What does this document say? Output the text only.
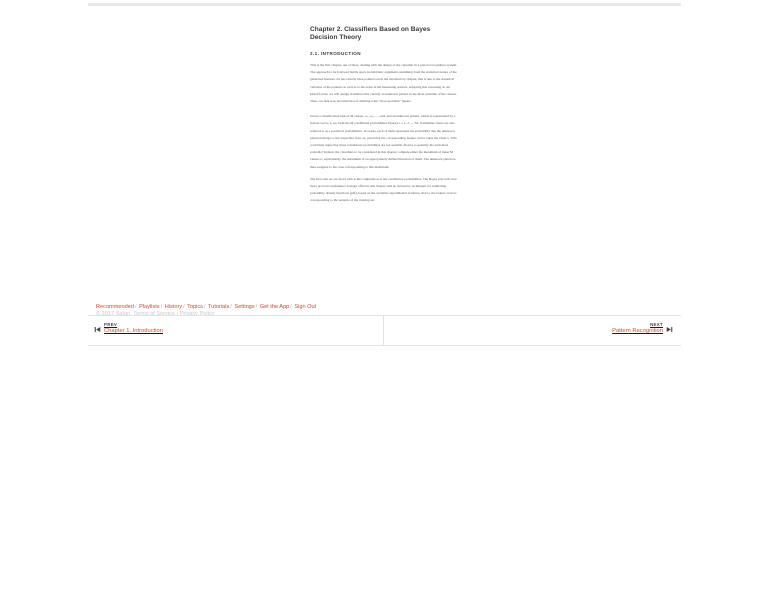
Chapter 2. Classifiers Based on Bayes Decision Theory
2.1. INTRODUCTION

This is the first chapter, out of three, dealing with the design of the classifier in a pattern recognition system. The approach to be followed builds upon probabilistic arguments stemming from the statistical nature of the generated features. As has already been pointed out in the introductory chapter, this is due to the statistical variation of the patterns as well as to the noise in the measuring sensors. Adopting this reasoning as our kickoff point, we will design classifiers that classify an unknown pattern in the most probable of the classes. Thus, our task now becomes that of defining what “most probable” means.

· ·

Given a classification task of M classes, ω₁, ω₂, ..., ωM, and an unknown pattern, which is represented by a feature vector x, we form the M conditional probabilities P(ωi|x), i = 1, 2, ..., M. Sometimes, these are also referred to as a posteriori probabilities. In words, each of them represents the probability that the unknown pattern belongs to the respective class ωi, given that the corresponding feature vector takes the value x. Who could then argue that these conditional probabilities are not sensible choices to quantify the term most probable? Indeed, the classifiers to be considered in this chapter compute either the maximum of these M values or, equivalently, the maximum of an appropriately defined function of them. The unknown pattern is then assigned to the class corresponding to this maximum.

The first task we are faced with is the computation of the conditional probabilities. The Bayes rule will once more prove its usefulness! A major effort in this chapter will be devoted to techniques for estimating probability density functions (pdf), based on the available experimental evidence, that is, the feature vectors corresponding to the patterns of the training set.

Recommended/ Playlists/ History/ Topics/ Tutorials/ Settings/ Get the App/ Sign Out
© 2017 Safari. Terms of Service / Privacy Policy
PREV
Chapter 1. Introduction
NEXT
Pattern Recognition
